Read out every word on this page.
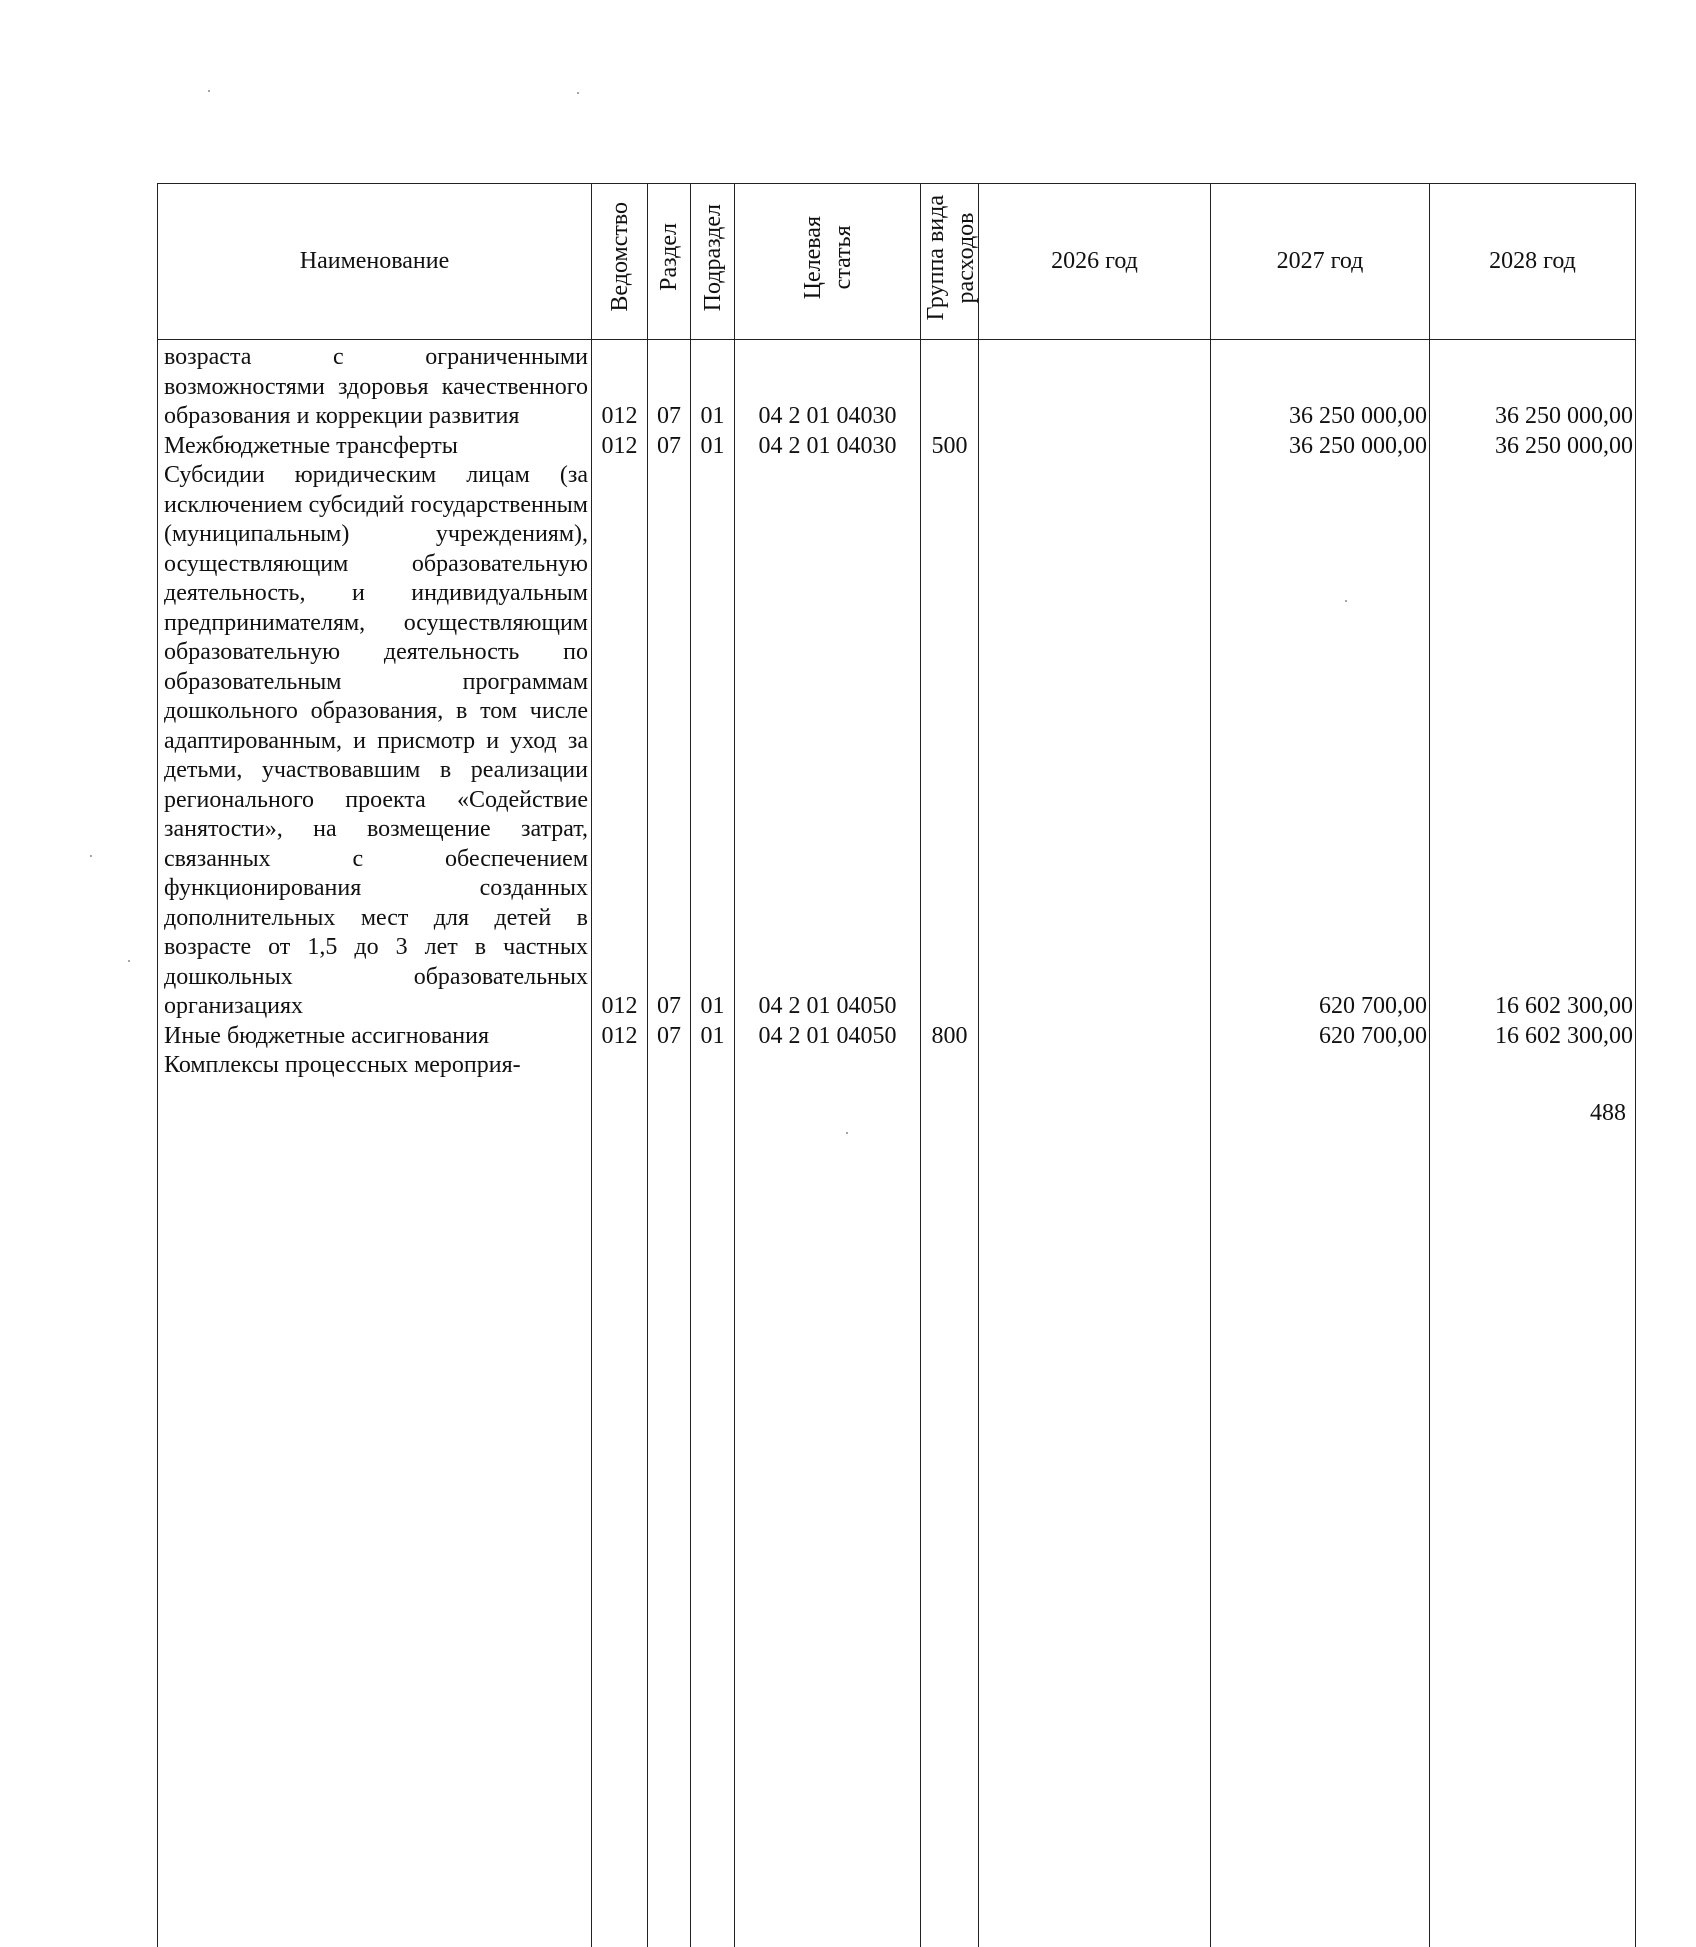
Наименование	Ведомство	Раздел	Подраздел	Целевая статья	Группа вида расходов	2026 год	2027 год	2028 год
возраста с ограниченными возможностями здоровья качественного образования и коррекции развития	012	07	01	04 2 01 04030			36 250 000,00	36 250 000,00
Межбюджетные трансферты	012	07	01	04 2 01 04030	500		36 250 000,00	36 250 000,00
Субсидии юридическим лицам (за исключением субсидий государственным (муниципальным) учреждениям), осуществляющим образовательную деятельность, и индивидуальным предпринимателям, осуществляющим образовательную деятельность по образовательным программам дошкольного образования, в том числе адаптированным, и присмотр и уход за детьми, участвовавшим в реализации регионального проекта «Содействие занятости», на возмещение затрат, связанных с обеспечением функционирования созданных дополнительных мест для детей в возрасте от 1,5 до 3 лет в частных дошкольных образовательных организациях	012	07	01	04 2 01 04050			620 700,00	16 602 300,00
Иные бюджетные ассигнования	012	07	01	04 2 01 04050	800		620 700,00	16 602 300,00
Комплексы процессных мероприя-								
488
